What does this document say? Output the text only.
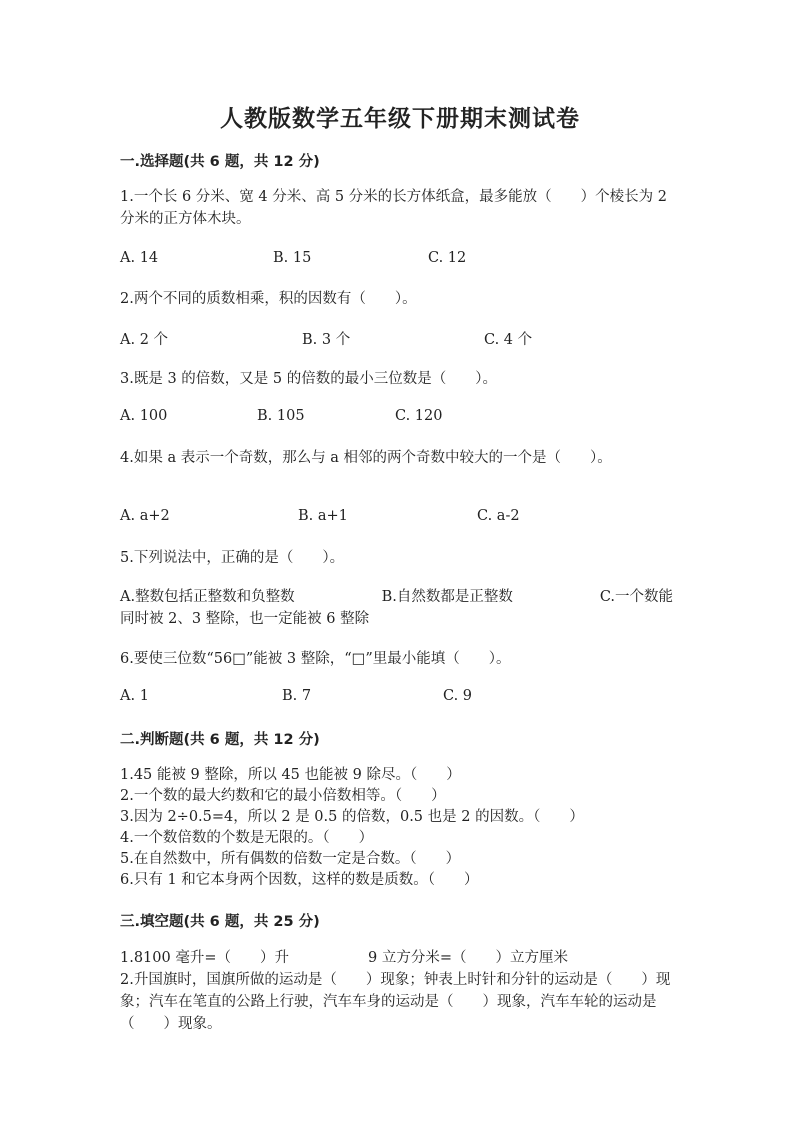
人教版数学五年级下册期末测试卷
一.选择题(共 6 题，共 12 分)
1.一个长 6 分米、宽 4 分米、高 5 分米的长方体纸盒，最多能放（　　）个棱长为 2 分米的正方体木块。
A. 14	B. 15	C. 12
2.两个不同的质数相乘，积的因数有（　　）。
A. 2 个	B. 3 个	C. 4 个
3.既是 3 的倍数，又是 5 的倍数的最小三位数是（　　）。
A. 100	B. 105	C. 120
4.如果 a 表示一个奇数，那么与 a 相邻的两个奇数中较大的一个是（　　）。
A. a+2	B. a+1	C. a-2
5.下列说法中，正确的是（　　）。
A.整数包括正整数和负整数　　　　　　B.自然数都是正整数　　　　　　C.一个数能同时被 2、3 整除，也一定能被 6 整除
6.要使三位数“56□”能被 3 整除，“□”里最小能填（　　）。
A. 1	B. 7	C. 9
二.判断题(共 6 题，共 12 分)
1.45 能被 9 整除，所以 45 也能被 9 除尽。（　　）
2.一个数的最大约数和它的最小倍数相等。（　　）
3.因为 2÷0.5=4，所以 2 是 0.5 的倍数，0.5 也是 2 的因数。（　　）
4.一个数倍数的个数是无限的。（　　）
5.在自然数中，所有偶数的倍数一定是合数。（　　）
6.只有 1 和它本身两个因数，这样的数是质数。（　　）
三.填空题(共 6 题，共 25 分)
1.8100 毫升=（　　）升	9 立方分米=（　　）立方厘米
2.升国旗时，国旗所做的运动是（　　）现象；钟表上时针和分针的运动是（　　）现象；汽车在笔直的公路上行驶，汽车车身的运动是（　　）现象，汽车车轮的运动是（　　）现象。
